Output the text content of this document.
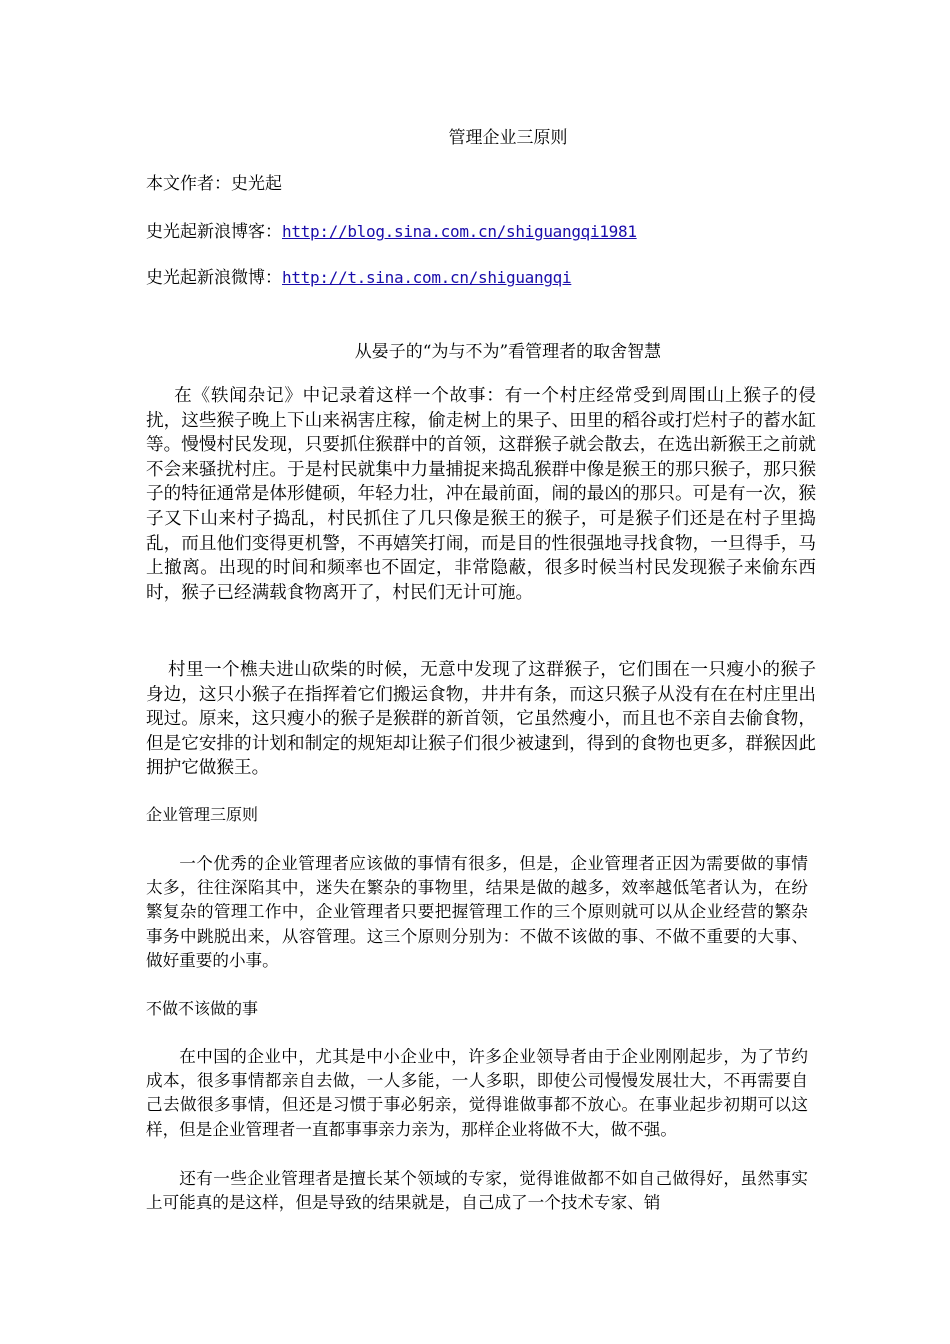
管理企业三原则
本文作者：史光起
史光起新浪博客：http://blog.sina.com.cn/shiguangqi1981
史光起新浪微博：http://t.sina.com.cn/shiguangqi
从晏子的“为与不为”看管理者的取舍智慧

在《轶闻杂记》中记录着这样一个故事：有一个村庄经常受到周围山上猴子的侵扰，这些猴子晚上下山来祸害庄稼，偷走树上的果子、田里的稻谷或打烂村子的蓄水缸等。慢慢村民发现，只要抓住猴群中的首领，这群猴子就会散去，在选出新猴王之前就不会来骚扰村庄。于是村民就集中力量捕捉来捣乱猴群中像是猴王的那只猴子，那只猴子的特征通常是体形健硕，年轻力壮，冲在最前面，闹的最凶的那只。可是有一次，猴子又下山来村子捣乱，村民抓住了几只像是猴王的猴子，可是猴子们还是在村子里捣乱，而且他们变得更机警，不再嬉笑打闹，而是目的性很强地寻找食物，一旦得手，马上撤离。出现的时间和频率也不固定，非常隐蔽，很多时候当村民发现猴子来偷东西时，猴子已经满载食物离开了，村民们无计可施。

村里一个樵夫进山砍柴的时候，无意中发现了这群猴子，它们围在一只瘦小的猴子身边，这只小猴子在指挥着它们搬运食物，井井有条，而这只猴子从没有在在村庄里出现过。原来，这只瘦小的猴子是猴群的新首领，它虽然瘦小，而且也不亲自去偷食物，但是它安排的计划和制定的规矩却让猴子们很少被逮到，得到的食物也更多，群猴因此拥护它做猴王。

企业管理三原则

一个优秀的企业管理者应该做的事情有很多，但是，企业管理者正因为需要做的事情太多，往往深陷其中，迷失在繁杂的事物里，结果是做的越多，效率越低笔者认为，在纷繁复杂的管理工作中，企业管理者只要把握管理工作的三个原则就可以从企业经营的繁杂事务中跳脱出来，从容管理。这三个原则分别为：不做不该做的事、不做不重要的大事、做好重要的小事。

不做不该做的事

在中国的企业中，尤其是中小企业中，许多企业领导者由于企业刚刚起步，为了节约成本，很多事情都亲自去做，一人多能，一人多职，即使公司慢慢发展壮大，不再需要自己去做很多事情，但还是习惯于事必躬亲，觉得谁做事都不放心。在事业起步初期可以这样，但是企业管理者一直都事事亲力亲为，那样企业将做不大，做不强。

还有一些企业管理者是擅长某个领域的专家，觉得谁做都不如自己做得好，虽然事实上可能真的是这样，但是导致的结果就是，自己成了一个技术专家、销
